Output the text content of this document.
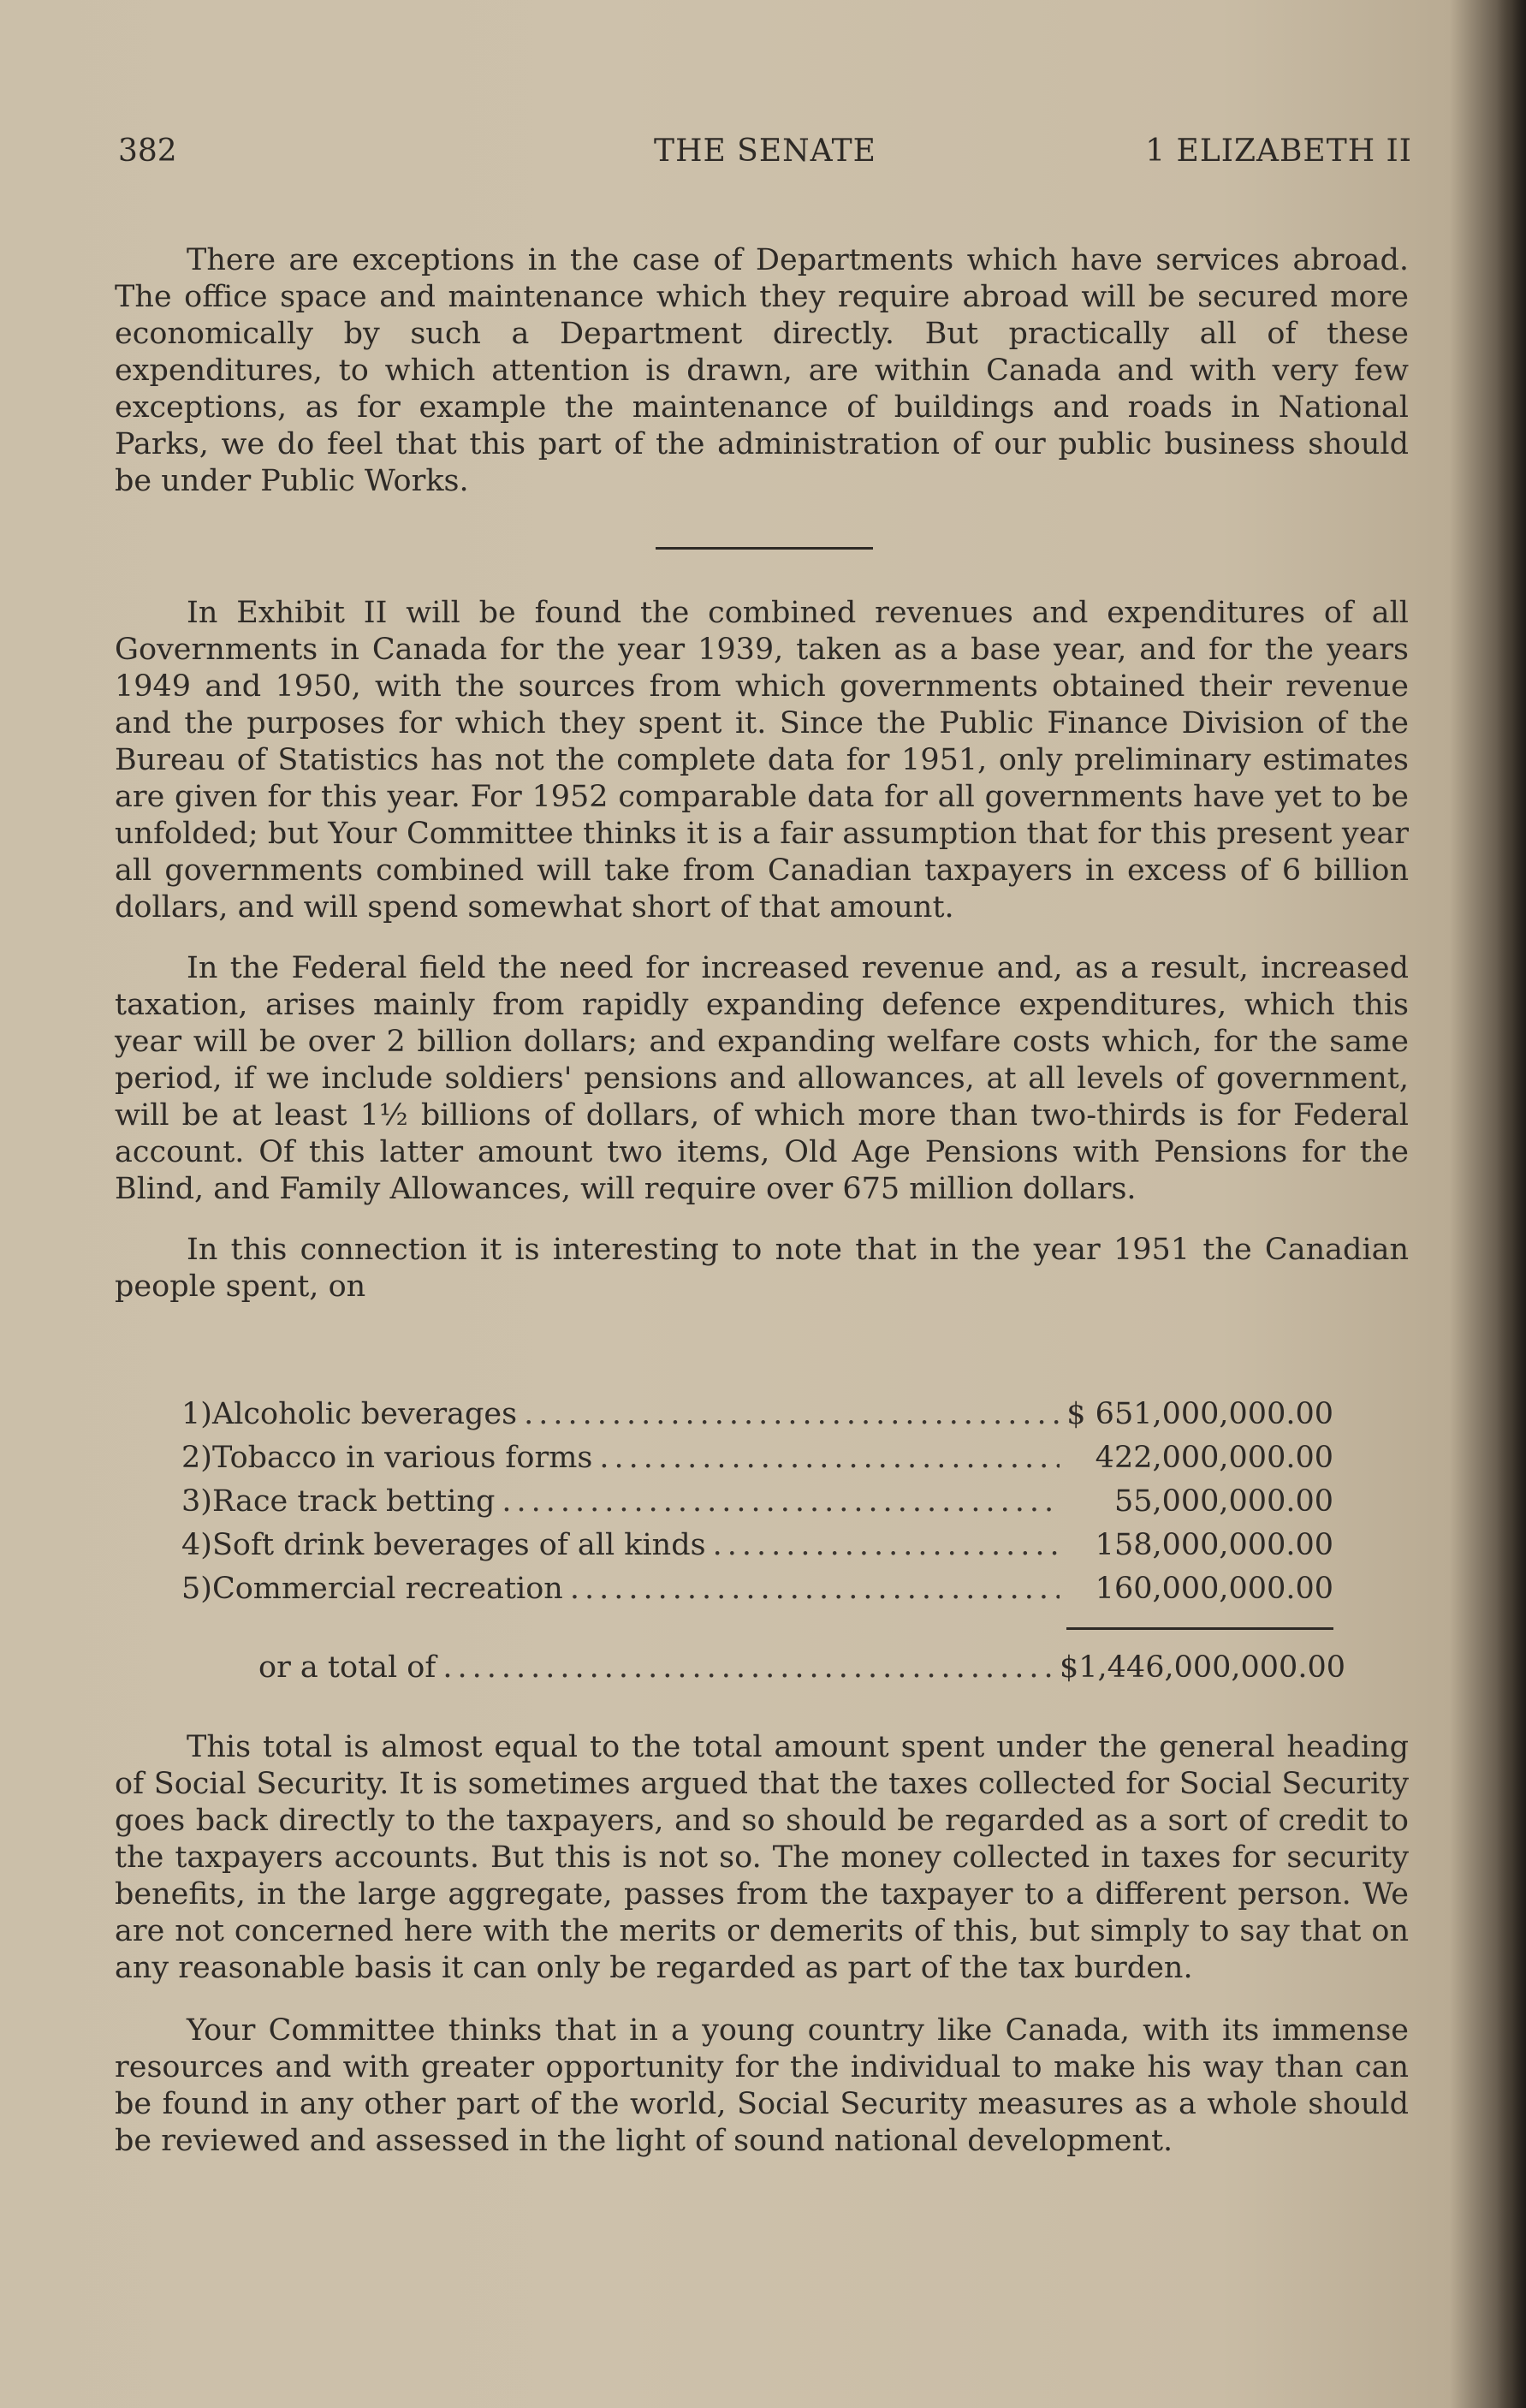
382	THE SENATE	1 ELIZABETH II

There are exceptions in the case of Departments which have services abroad. The office space and maintenance which they require abroad will be secured more economically by such a Department directly. But practically all of these expenditures, to which attention is drawn, are within Canada and with very few exceptions, as for example the maintenance of buildings and roads in National Parks, we do feel that this part of the administration of our public business should be under Public Works.

In Exhibit II will be found the combined revenues and expenditures of all Governments in Canada for the year 1939, taken as a base year, and for the years 1949 and 1950, with the sources from which governments obtained their revenue and the purposes for which they spent it. Since the Public Finance Division of the Bureau of Statistics has not the complete data for 1951, only preliminary estimates are given for this year. For 1952 comparable data for all governments have yet to be unfolded; but Your Committee thinks it is a fair assumption that for this present year all governments combined will take from Canadian taxpayers in excess of 6 billion dollars, and will spend somewhat short of that amount.

In the Federal field the need for increased revenue and, as a result, increased taxation, arises mainly from rapidly expanding defence expenditures, which this year will be over 2 billion dollars; and expanding welfare costs which, for the same period, if we include soldiers' pensions and allowances, at all levels of government, will be at least 1½ billions of dollars, of which more than two-thirds is for Federal account. Of this latter amount two items, Old Age Pensions with Pensions for the Blind, and Family Allowances, will require over 675 million dollars.

In this connection it is interesting to note that in the year 1951 the Canadian people spent, on

1) Alcoholic beverages .....	$ 651,000,000.00
2) Tobacco in various forms .....	422,000,000.00
3) Race track betting .....	55,000,000.00
4) Soft drink beverages of all kinds .....	158,000,000.00
5) Commercial recreation .....	160,000,000.00
or a total of .....	$1,446,000,000.00

This total is almost equal to the total amount spent under the general heading of Social Security. It is sometimes argued that the taxes collected for Social Security goes back directly to the taxpayers, and so should be regarded as a sort of credit to the taxpayers accounts. But this is not so. The money collected in taxes for security benefits, in the large aggregate, passes from the taxpayer to a different person. We are not concerned here with the merits or demerits of this, but simply to say that on any reasonable basis it can only be regarded as part of the tax burden.

Your Committee thinks that in a young country like Canada, with its immense resources and with greater opportunity for the individual to make his way than can be found in any other part of the world, Social Security measures as a whole should be reviewed and assessed in the light of sound national development.
